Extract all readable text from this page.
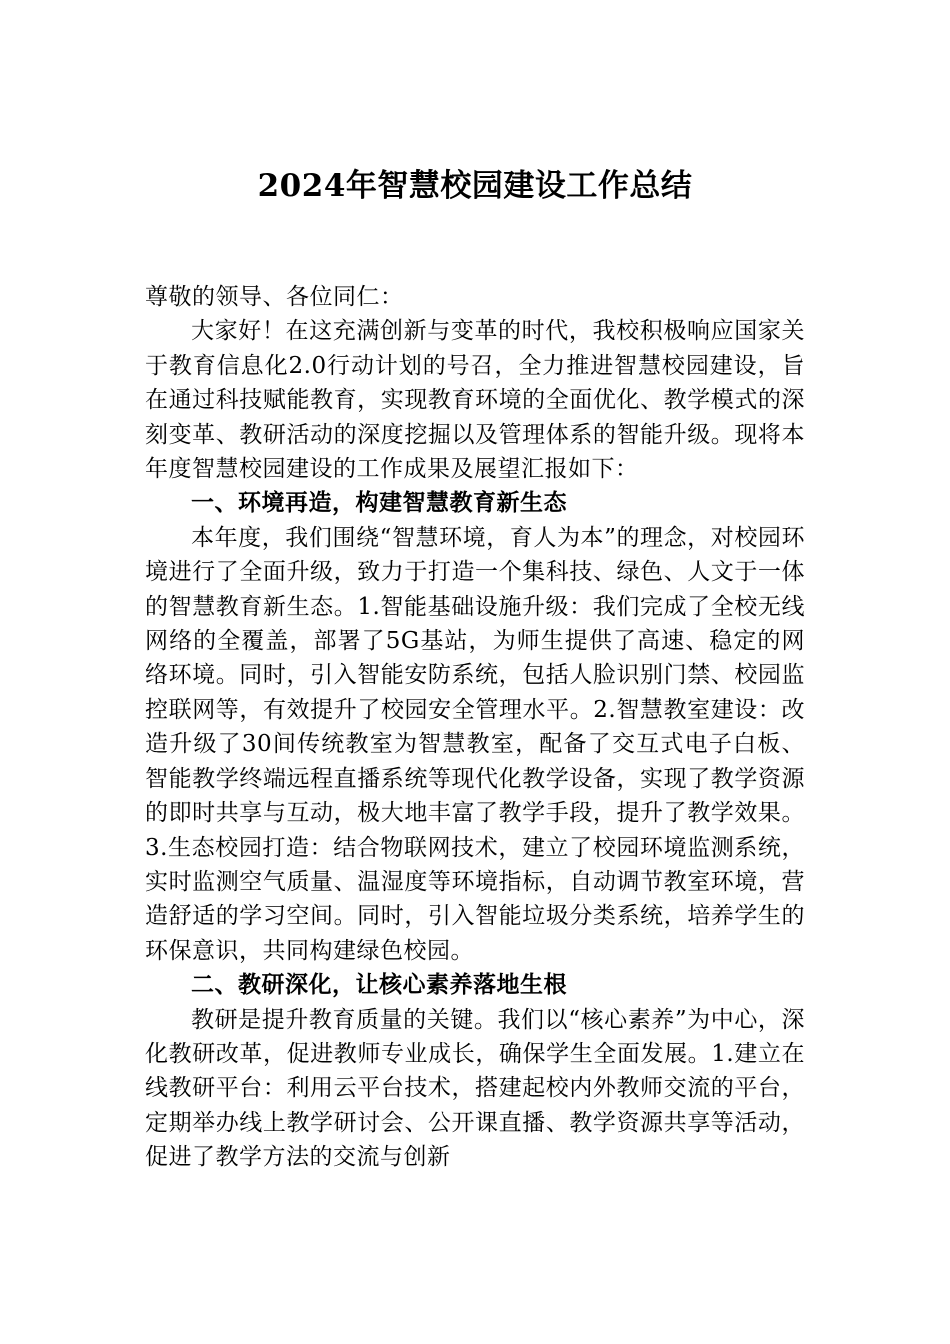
2024年智慧校园建设工作总结

尊敬的领导、各位同仁：

大家好！在这充满创新与变革的时代，我校积极响应国家关于教育信息化2.0行动计划的号召，全力推进智慧校园建设，旨在通过科技赋能教育，实现教育环境的全面优化、教学模式的深刻变革、教研活动的深度挖掘以及管理体系的智能升级。现将本年度智慧校园建设的工作成果及展望汇报如下：

一、环境再造，构建智慧教育新生态

本年度，我们围绕“智慧环境，育人为本”的理念，对校园环境进行了全面升级，致力于打造一个集科技、绿色、人文于一体的智慧教育新生态。1.智能基础设施升级：我们完成了全校无线网络的全覆盖，部署了5G基站，为师生提供了高速、稳定的网络环境。同时，引入智能安防系统，包括人脸识别门禁、校园监控联网等，有效提升了校园安全管理水平。2.智慧教室建设：改造升级了30间传统教室为智慧教室，配备了交互式电子白板、智能教学终端远程直播系统等现代化教学设备，实现了教学资源的即时共享与互动，极大地丰富了教学手段，提升了教学效果。3.生态校园打造：结合物联网技术，建立了校园环境监测系统，实时监测空气质量、温湿度等环境指标，自动调节教室环境，营造舒适的学习空间。同时，引入智能垃圾分类系统，培养学生的环保意识，共同构建绿色校园。

二、教研深化，让核心素养落地生根

教研是提升教育质量的关键。我们以“核心素养”为中心，深化教研改革，促进教师专业成长，确保学生全面发展。1.建立在线教研平台：利用云平台技术，搭建起校内外教师交流的平台，定期举办线上教学研讨会、公开课直播、教学资源共享等活动，促进了教学方法的交流与创新
